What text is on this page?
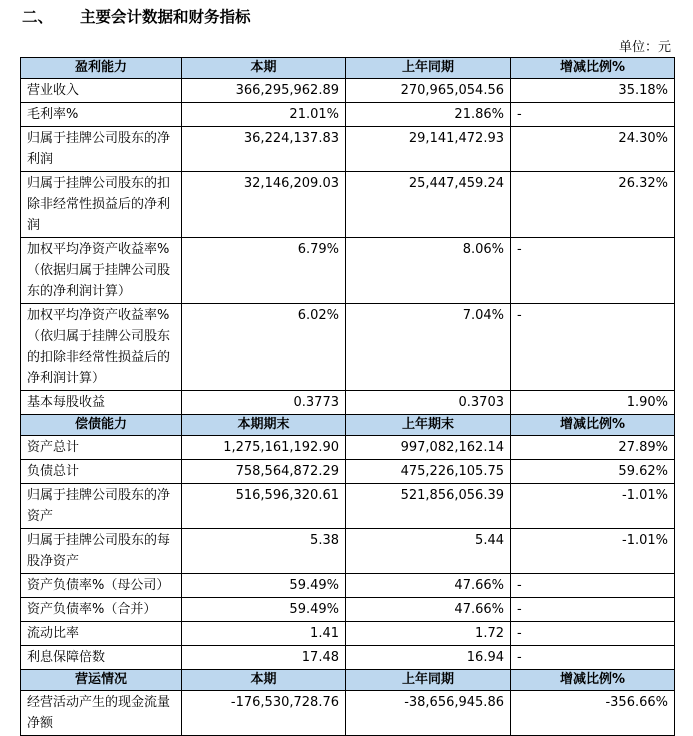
二、 主要会计数据和财务指标
单位：元
盈利能力	本期	上年同期	增减比例%
营业收入	366,295,962.89	270,965,054.56	35.18%
毛利率%	21.01%	21.86%	-
归属于挂牌公司股东的净利润	36,224,137.83	29,141,472.93	24.30%
归属于挂牌公司股东的扣除非经常性损益后的净利润	32,146,209.03	25,447,459.24	26.32%
加权平均净资产收益率%（依据归属于挂牌公司股东的净利润计算）	6.79%	8.06%	-
加权平均净资产收益率%（依归属于挂牌公司股东的扣除非经常性损益后的净利润计算）	6.02%	7.04%	-
基本每股收益	0.3773	0.3703	1.90%
偿债能力	本期期末	上年期末	增减比例%
资产总计	1,275,161,192.90	997,082,162.14	27.89%
负债总计	758,564,872.29	475,226,105.75	59.62%
归属于挂牌公司股东的净资产	516,596,320.61	521,856,056.39	-1.01%
归属于挂牌公司股东的每股净资产	5.38	5.44	-1.01%
资产负债率%（母公司）	59.49%	47.66%	-
资产负债率%（合并）	59.49%	47.66%	-
流动比率	1.41	1.72	-
利息保障倍数	17.48	16.94	-
营运情况	本期	上年同期	增减比例%
经营活动产生的现金流量净额	-176,530,728.76	-38,656,945.86	-356.66%
